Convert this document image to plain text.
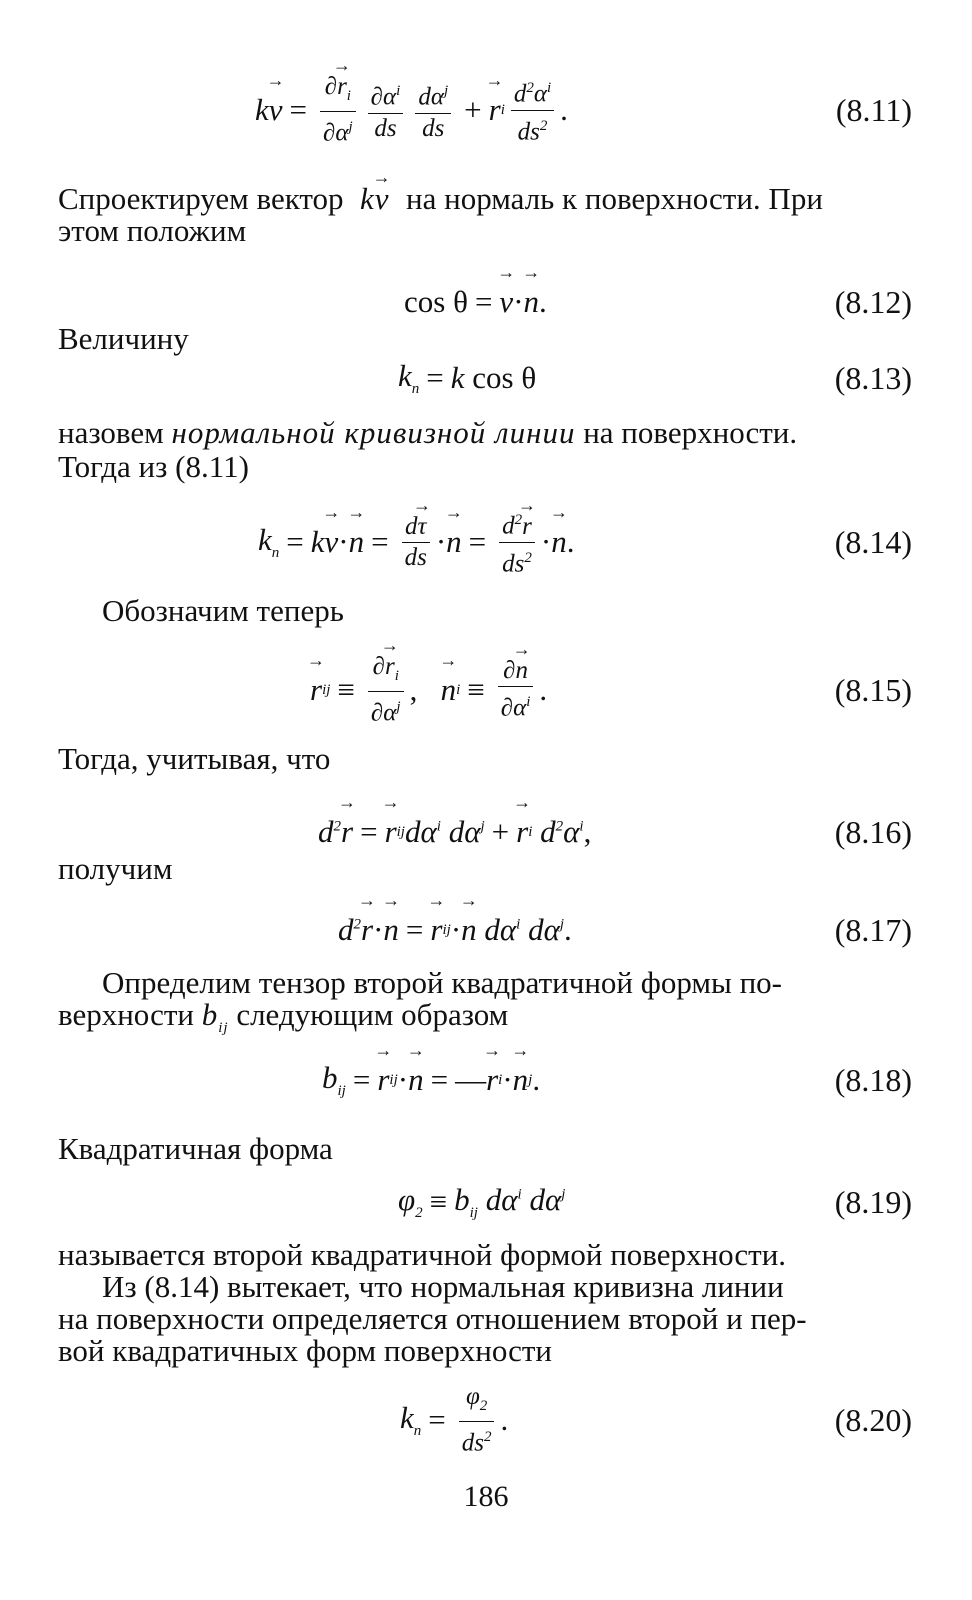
$k\to v = \frac{\partial\to r_i}{\partial\alpha^j} \frac{\partial\alpha^i}{ds} \frac{d\alpha^j}{ds}$ + → r i $\frac{d^2\alpha^i}{ds^2}$ .	(8.11)
Спроектируем вектор  k→ v на нормаль к поверхности. При
этом положим
cos θ = → ν · → n .	(8.12)
Величину
$k_n = k$ cos θ	(8.13)
назовем нормальной кривизной линии на поверхности.
Тогда из (8.11)
$k_n = k\to \nu$ · → $n = \frac{d\to \tau}{ds}$ · → $n = \frac{d^2\to r}{ds^2}$ · → n .	(8.14)
Обозначим теперь
→ r ij ≡ $\frac{\partial\to r_i}{\partial\alpha^j}$ , → n $i \equiv \frac{\partial\to n}{\partial\alpha^i}$ .	(8.15)
Тогда, учитывая, что
$d^2\to r$ = → r ij $d\alpha^i$ $d\alpha^j$ + → r i $d^2\alpha^i$ ,	(8.16)
получим
$d^2\to r$ · → n = → r ij · → n $d\alpha^i$ $d\alpha^j$ .	(8.17)
Определим тензор второй квадратичной формы по-
верхности $b_{ij}$ следующим образом
$b_{ij}$ = → r ij · → n = — → r i · → n j .	(8.18)
Квадратичная форма
$\varphi_2 \equiv b_{ij}$ $d\alpha^i$ $d\alpha^j$	(8.19)
называется второй квадратичной формой поверхности.
Из (8.14) вытекает, что нормальная кривизна линии
на поверхности определяется отношением второй и пер-
вой квадратичных форм поверхности
$k_n = \frac{\varphi_2}{ds^2}$ .	(8.20)
186
